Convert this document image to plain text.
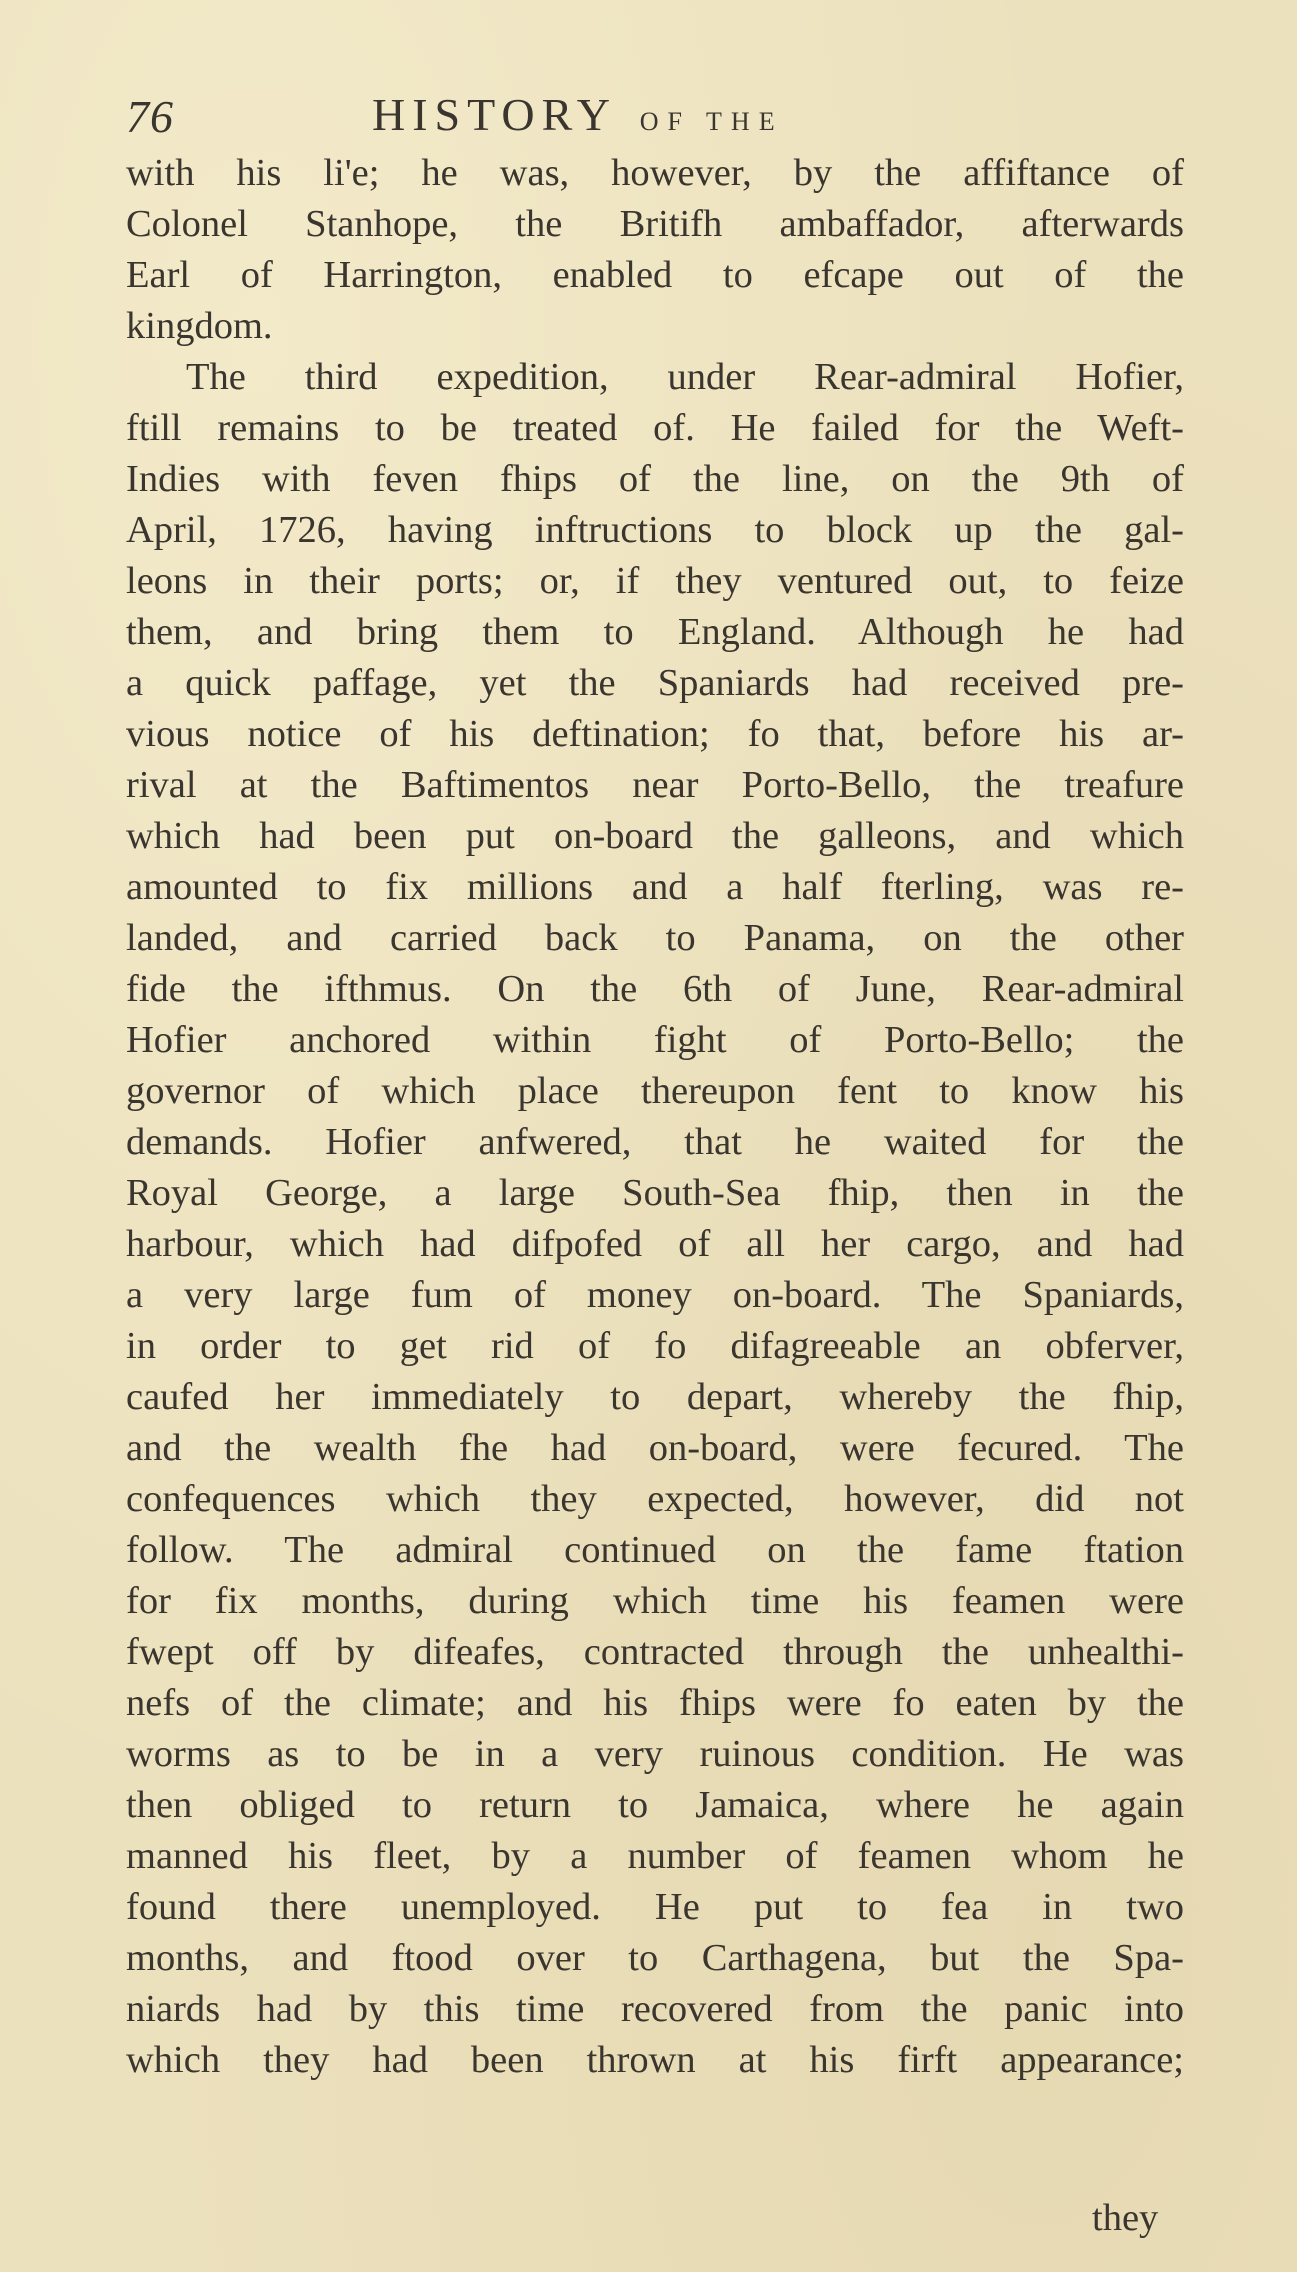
76	HISTORY OF THE
with his li'e; he was, however, by the affiftance of
Colonel Stanhope, the Britifh ambaffador, afterwards
Earl of Harrington, enabled to efcape out of the
kingdom.
The third expedition, under Rear-admiral Hofier,
ftill remains to be treated of. He failed for the Weft-
Indies with feven fhips of the line, on the 9th of
April, 1726, having inftructions to block up the gal-
leons in their ports; or, if they ventured out, to feize
them, and bring them to England. Although he had
a quick paffage, yet the Spaniards had received pre-
vious notice of his deftination; fo that, before his ar-
rival at the Baftimentos near Porto-Bello, the treafure
which had been put on-board the galleons, and which
amounted to fix millions and a half fterling, was re-
landed, and carried back to Panama, on the other
fide the ifthmus. On the 6th of June, Rear-admiral
Hofier anchored within fight of Porto-Bello; the
governor of which place thereupon fent to know his
demands. Hofier anfwered, that he waited for the
Royal George, a large South-Sea fhip, then in the
harbour, which had difpofed of all her cargo, and had
a very large fum of money on-board. The Spaniards,
in order to get rid of fo difagreeable an obferver,
caufed her immediately to depart, whereby the fhip,
and the wealth fhe had on-board, were fecured. The
confequences which they expected, however, did not
follow. The admiral continued on the fame ftation
for fix months, during which time his feamen were
fwept off by difeafes, contracted through the unhealthi-
nefs of the climate; and his fhips were fo eaten by the
worms as to be in a very ruinous condition. He was
then obliged to return to Jamaica, where he again
manned his fleet, by a number of feamen whom he
found there unemployed. He put to fea in two
months, and ftood over to Carthagena, but the Spa-
niards had by this time recovered from the panic into
which they had been thrown at his firft appearance;
they
